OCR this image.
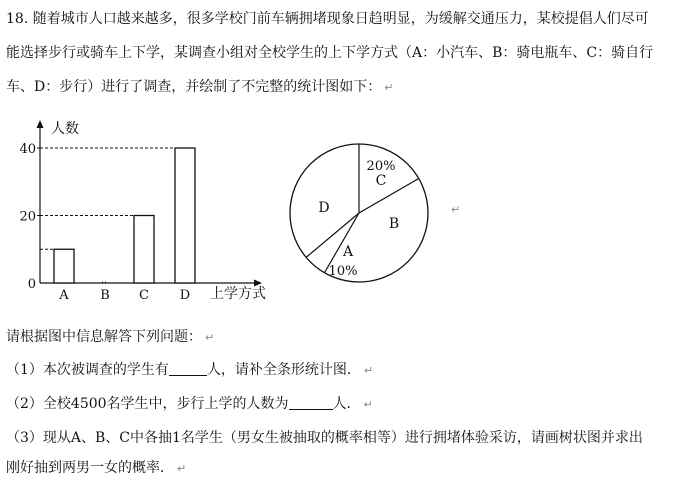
18. 随着城市人口越来越多，很多学校门前车辆拥堵现象日趋明显，为缓解交通压力，某校提倡人们尽可
能选择步行或骑车上下学，某调查小组对全校学生的上下学方式（A：小汽车、B：骑电瓶车、C：骑自行
车、D：步行）进行了调查，并绘制了不完整的统计图如下： ↵
人数
上学方式
0
20
40
A B C D
C
20%
B
A
10%
D	↵
请根据图中信息解答下列问题： ↵
（1）本次被调查的学生有	人，请补全条形统计图． ↵
（2）全校4500名学生中，步行上学的人数为	人． ↵
（3）现从A、B、C中各抽1名学生（男女生被抽取的概率相等）进行拥堵体验采访，请画树状图并求出
刚好抽到两男一女的概率． ↵
